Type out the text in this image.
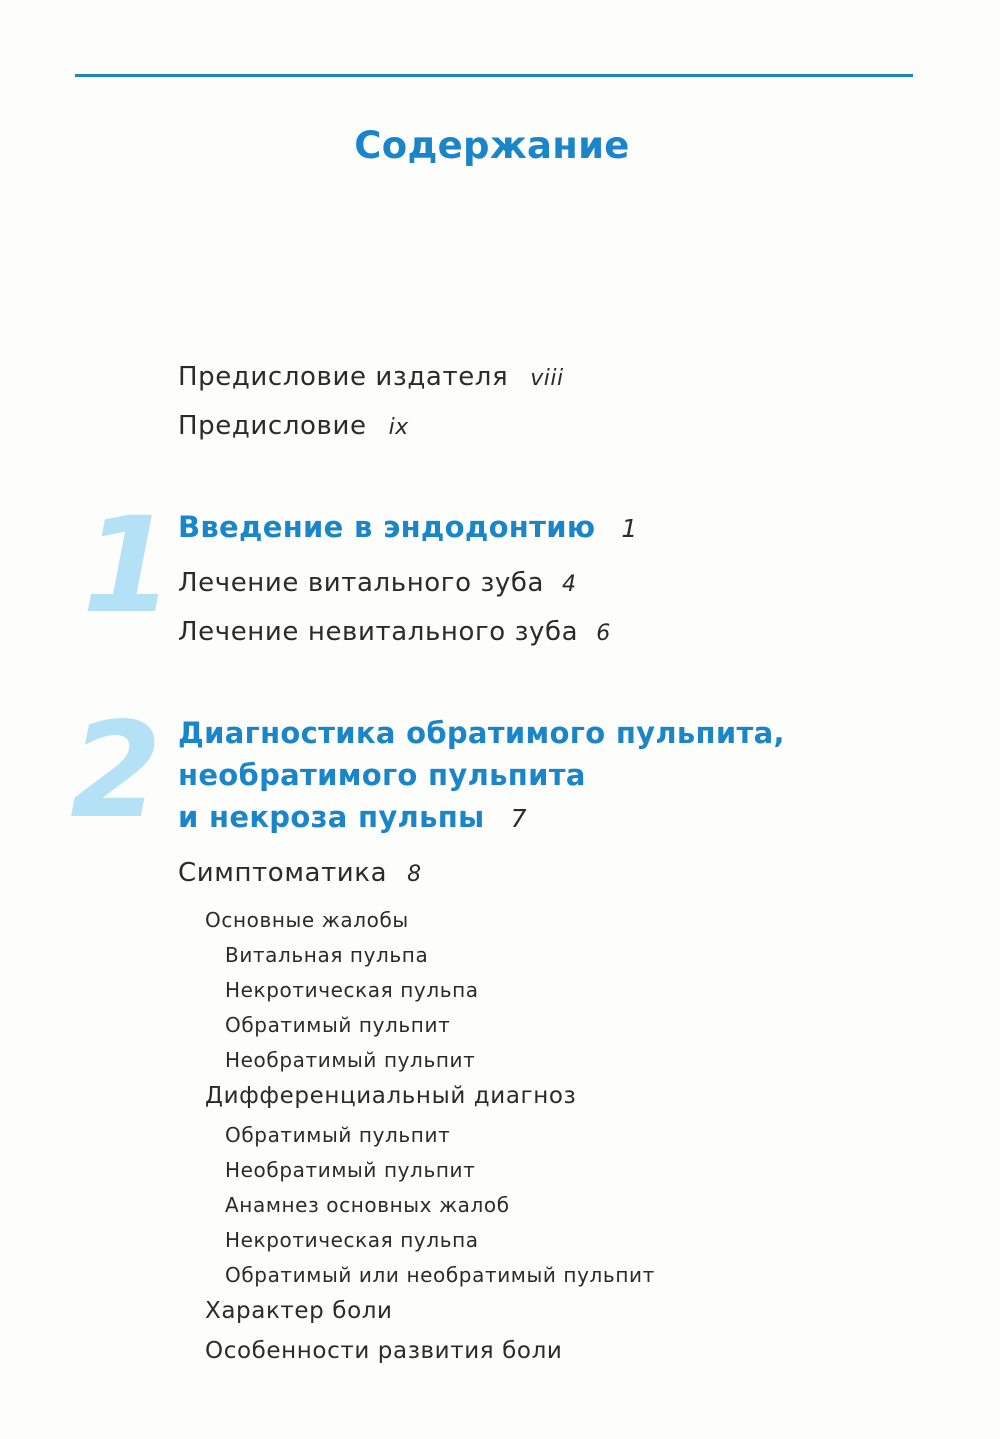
Содержание
Предисловие издателя viii
Предисловие ix
1 Введение в эндодонтию 1
Лечение витального зуба 4
Лечение невитального зуба 6
2 Диагностика обратимого пульпита,
необратимого пульпита
и некроза пульпы 7
Симптоматика 8
Основные жалобы
Витальная пульпа
Некротическая пульпа
Обратимый пульпит
Необратимый пульпит
Дифференциальный диагноз
Обратимый пульпит
Необратимый пульпит
Анамнез основных жалоб
Некротическая пульпа
Обратимый или необратимый пульпит
Характер боли
Особенности развития боли
